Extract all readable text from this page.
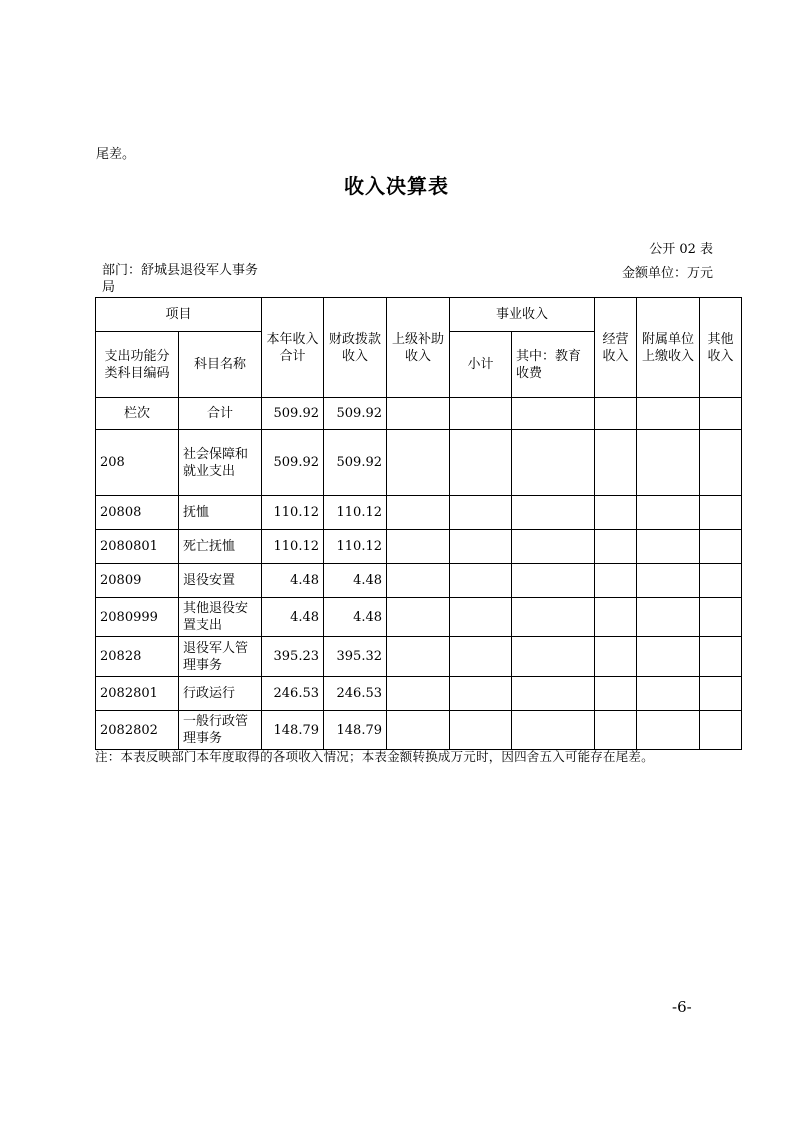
尾差。
收入决算表
公开 02 表
部门：舒城县退役军人事务局
金额单位：万元
项目		本年收入合计	财政拨款收入	上级补助收入	事业收入		经营收入	附属单位上缴收入	其他收入
支出功能分类科目编码	科目名称				小计	其中：教育收费			
栏次	合计	509.92	509.92						
208	社会保障和就业支出	509.92	509.92						
20808	抚恤	110.12	110.12						
2080801	死亡抚恤	110.12	110.12						
20809	退役安置	4.48	4.48						
2080999	其他退役安置支出	4.48	4.48						
20828	退役军人管理事务	395.23	395.32						
2082801	行政运行	246.53	246.53						
2082802	一般行政管理事务	148.79	148.79						
注：本表反映部门本年度取得的各项收入情况；本表金额转换成万元时，因四舍五入可能存在尾差。
-6-
